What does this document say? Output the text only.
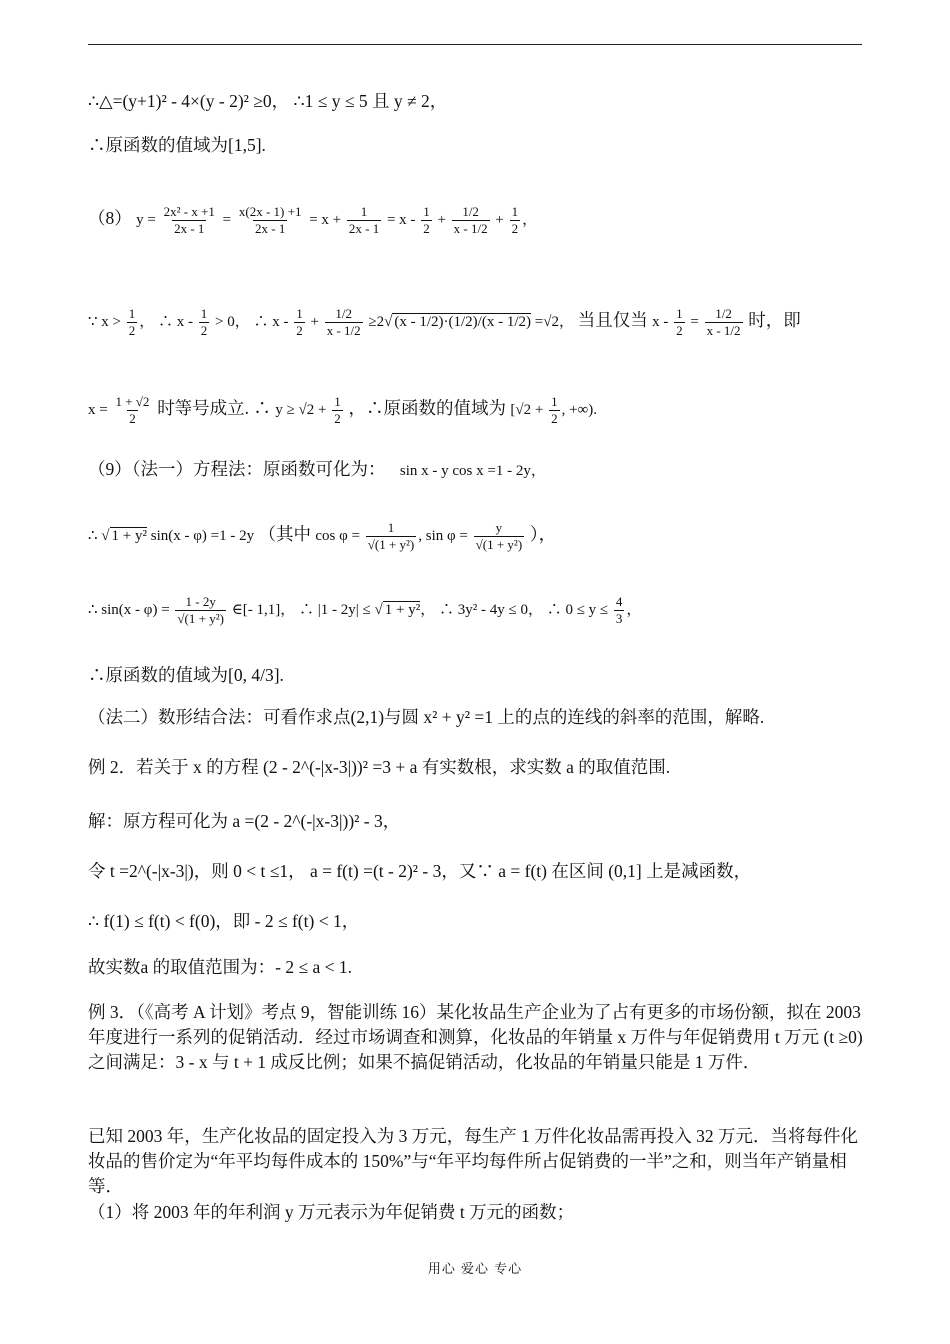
∴△=(y+1)² - 4×(y - 2)² ≥0， ∴1 ≤ y ≤ 5 且 y ≠ 2，
∴原函数的值域为[1,5].
（8） $y = \frac{\text{2x² - x +1}}{2x - 1} = \frac{x(2x - 1) +1}{2x - 1} = x + \frac{1}{2x - 1} = x - \frac{1}{2} + \frac{1/2}{x - 1/2} + \frac{1}{2}$ ，
∵ $x > \frac{1}{2}$ ， ∴ $x - \frac{1}{2} > 0$， ∴ $x - \frac{1}{2} + \frac{1/2}{x - 1/2} \ge 2√$ (x - 1/2)·(1/2)/(x - 1/2) =√2， 当且仅当 $x - \frac{1}{2} = \frac{1/2}{x - 1/2}$ 时，即
$x = \frac{1 + √2}{2}$ 时等号成立. ∴ $y \ge √2 + \frac{1}{2}$ ，∴原函数的值域为 [$√2 + \frac{1}{2}$ , +∞).
（9）（法一）方程法：原函数可化为： sin x - y cos x =1 - 2y，
∴ √ 1 + y² sin(x - φ) =1 - 2y （其中 $\cos \varphi = \frac{1}{\text{√(1 + y²)}}$ , $\sin \varphi = \frac{y}{\text{√(1 + y²)}}$ ），
∴ $\sin(x - \varphi) = \frac{1 - 2y}{\text{√(1 + y²)}}$ ∈[- 1,1]， ∴ |1 - 2y| ≤ √ 1 + y²， ∴ 3y² - 4y ≤ 0， ∴ $0 \le y \le \frac{4}{3}$ ，
∴原函数的值域为[0, 4/3].
（法二）数形结合法：可看作求点(2,1)与圆 x² + y² =1 上的点的连线的斜率的范围，解略.
例 2．若关于 x 的方程 (2 - 2^(-|x-3|))² =3 + a 有实数根，求实数 a 的取值范围.
解：原方程可化为 a =(2 - 2^(-|x-3|))² - 3，
令 t =2^(-|x-3|)，则 0 < t ≤1， a = f(t) =(t - 2)² - 3，又∵ a = f(t) 在区间 (0,1] 上是减函数，
∴ f(1) ≤ f(t) < f(0)，即 - 2 ≤ f(t) < 1，
故实数a 的取值范围为：- 2 ≤ a < 1.
例 3．（《高考 A 计划》考点 9，智能训练 16）某化妆品生产企业为了占有更多的市场份额，拟在 2003 年度进行一系列的促销活动．经过市场调查和测算，化妆品的年销量 x 万件与年促销费用 t 万元 (t ≥0) 之间满足：3 - x 与 t + 1 成反比例；如果不搞促销活动，化妆品的年销量只能是 1 万件．
已知 2003 年，生产化妆品的固定投入为 3 万元，每生产 1 万件化妆品需再投入 32 万元．当将每件化妆品的售价定为“年平均每件成本的 150%”与“年平均每件所占促销费的一半”之和，则当年产销量相等．
（1）将 2003 年的年利润 y 万元表示为年促销费 t 万元的函数；
用心 爱心 专心
